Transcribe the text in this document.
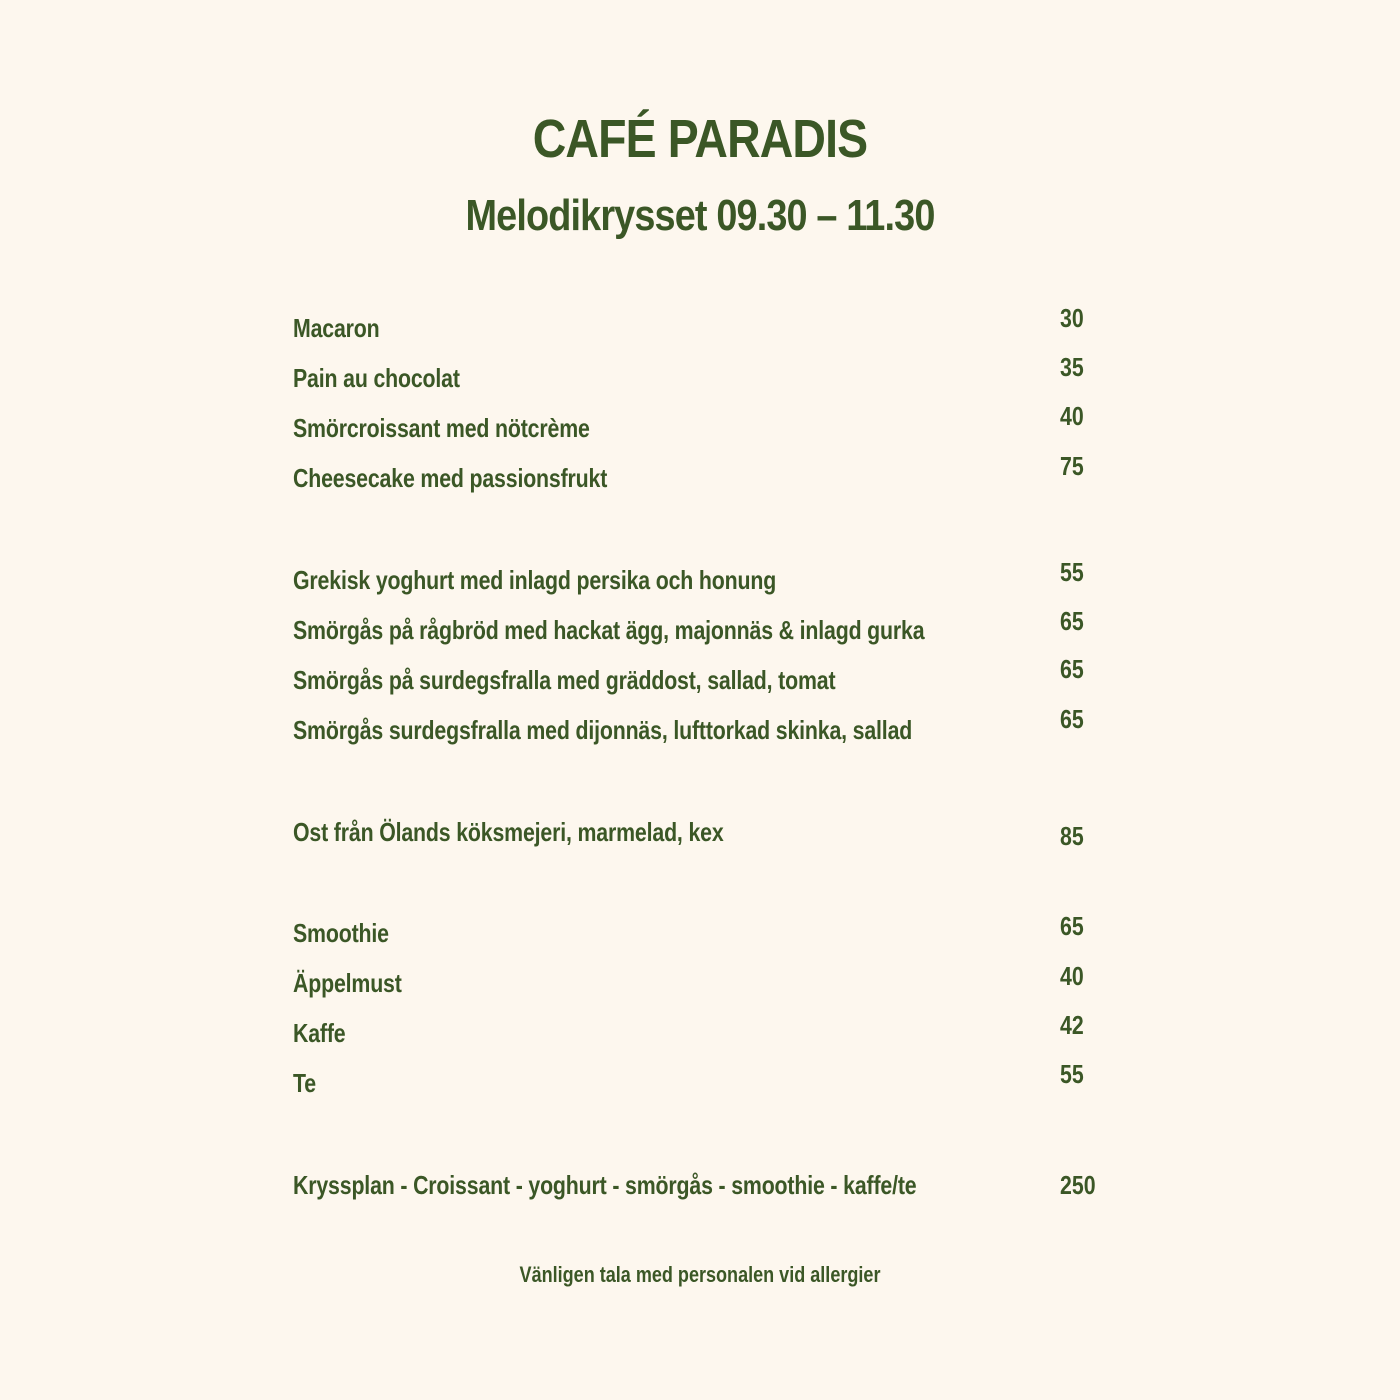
CAFÉ PARADIS
Melodikrysset 09.30 – 11.30
Macaron	30
Pain au chocolat	35
Smörcroissant med nötcrème	40
Cheesecake med passionsfrukt	75
Grekisk yoghurt med inlagd persika och honung	55
Smörgås på rågbröd med hackat ägg, majonnäs & inlagd gurka	65
Smörgås på surdegsfralla med gräddost, sallad, tomat	65
Smörgås surdegsfralla med dijonnäs, lufttorkad skinka, sallad	65
Ost från Ölands köksmejeri, marmelad, kex	85
Smoothie	65
Äppelmust	40
Kaffe	42
Te	55
Kryssplan - Croissant - yoghurt - smörgås - smoothie - kaffe/te	250
Vänligen tala med personalen vid allergier
